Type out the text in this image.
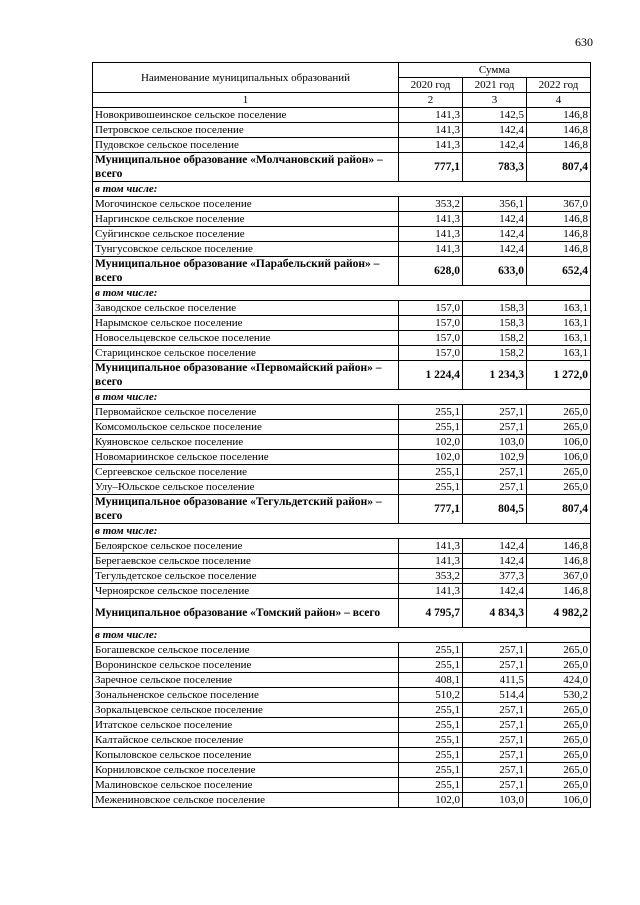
630
Наименование муниципальных образований	Сумма		
	2020 год	2021 год	2022 год
1	2	3	4
Новокривошеинское сельское поселение	141,3	142,5	146,8
Петровское сельское поселение	141,3	142,4	146,8
Пудовское сельское поселение	141,3	142,4	146,8
Муниципальное образование «Молчановский район» – всего	777,1	783,3	807,4
в том числе:			
Могочинское сельское поселение	353,2	356,1	367,0
Наргинское сельское поселение	141,3	142,4	146,8
Суйгинское сельское поселение	141,3	142,4	146,8
Тунгусовское сельское поселение	141,3	142,4	146,8
Муниципальное образование «Парабельский район» – всего	628,0	633,0	652,4
в том числе:			
Заводское сельское поселение	157,0	158,3	163,1
Нарымское сельское поселение	157,0	158,3	163,1
Новосельцевское сельское поселение	157,0	158,2	163,1
Старицинское сельское поселение	157,0	158,2	163,1
Муниципальное образование «Первомайский район» – всего	1 224,4	1 234,3	1 272,0
в том числе:			
Первомайское сельское поселение	255,1	257,1	265,0
Комсомольское сельское поселение	255,1	257,1	265,0
Куяновское сельское поселение	102,0	103,0	106,0
Новомариинское сельское поселение	102,0	102,9	106,0
Сергеевское сельское поселение	255,1	257,1	265,0
Улу–Юльское сельское поселение	255,1	257,1	265,0
Муниципальное образование «Тегульдетский район» – всего	777,1	804,5	807,4
в том числе:			
Белоярское сельское поселение	141,3	142,4	146,8
Берегаевское сельское поселение	141,3	142,4	146,8
Тегульдетское сельское поселение	353,2	377,3	367,0
Черноярское сельское поселение	141,3	142,4	146,8
Муниципальное образование «Томский район» – всего	4 795,7	4 834,3	4 982,2
в том числе:			
Богашевское сельское поселение	255,1	257,1	265,0
Воронинское сельское поселение	255,1	257,1	265,0
Заречное сельское поселение	408,1	411,5	424,0
Зональненское сельское поселение	510,2	514,4	530,2
Зоркальцевское сельское поселение	255,1	257,1	265,0
Итатское сельское поселение	255,1	257,1	265,0
Калтайское сельское поселение	255,1	257,1	265,0
Копыловское сельское поселение	255,1	257,1	265,0
Корниловское сельское поселение	255,1	257,1	265,0
Малиновское сельское поселение	255,1	257,1	265,0
Межениновское сельское поселение	102,0	103,0	106,0
